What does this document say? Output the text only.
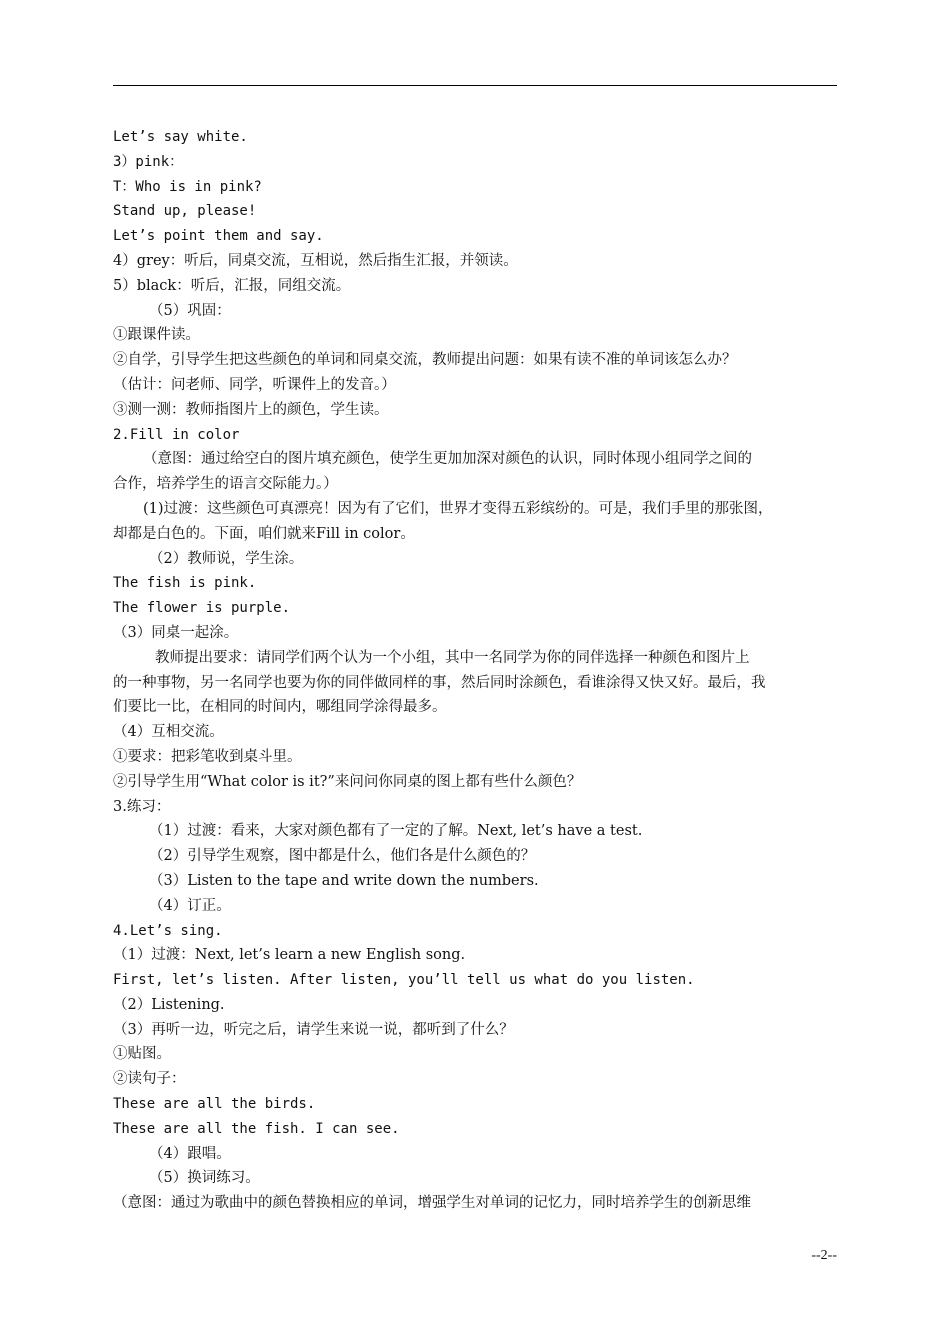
Let’s say white.
3）pink：
T：Who is in pink?
Stand up, please!
Let’s point them and say.
4）grey：听后，同桌交流，互相说，然后指生汇报，并领读。
5）black：听后，汇报，同组交流。
（5）巩固：
①跟课件读。
②自学，引导学生把这些颜色的单词和同桌交流，教师提出问题：如果有读不准的单词该怎么办？
（估计：问老师、同学，听课件上的发音。）
③测一测：教师指图片上的颜色，学生读。
2.Fill in color
（意图：通过给空白的图片填充颜色，使学生更加加深对颜色的认识，同时体现小组同学之间的
合作，培养学生的语言交际能力。）
(1)过渡：这些颜色可真漂亮！因为有了它们，世界才变得五彩缤纷的。可是，我们手里的那张图，
却都是白色的。下面，咱们就来Fill in color。
（2）教师说，学生涂。
The fish is pink.
The flower is purple.
（3）同桌一起涂。
教师提出要求：请同学们两个认为一个小组，其中一名同学为你的同伴选择一种颜色和图片上
的一种事物，另一名同学也要为你的同伴做同样的事，然后同时涂颜色，看谁涂得又快又好。最后，我
们要比一比，在相同的时间内，哪组同学涂得最多。
（4）互相交流。
①要求：把彩笔收到桌斗里。
②引导学生用“What color is it?”来问问你同桌的图上都有些什么颜色？
3.练习：
（1）过渡：看来，大家对颜色都有了一定的了解。Next, let’s have a test.
（2）引导学生观察，图中都是什么，他们各是什么颜色的？
（3）Listen to the tape and write down the numbers.
（4）订正。
4.Let’s sing.
（1）过渡：Next, let’s learn a new English song.
First, let’s listen. After listen, you’ll tell us what do you listen.
（2）Listening.
（3）再听一边，听完之后，请学生来说一说，都听到了什么？
①贴图。
②读句子：
These are all the birds.
These are all the fish. I can see.
（4）跟唱。
（5）换词练习。
（意图：通过为歌曲中的颜色替换相应的单词，增强学生对单词的记忆力，同时培养学生的创新思维
--2--
